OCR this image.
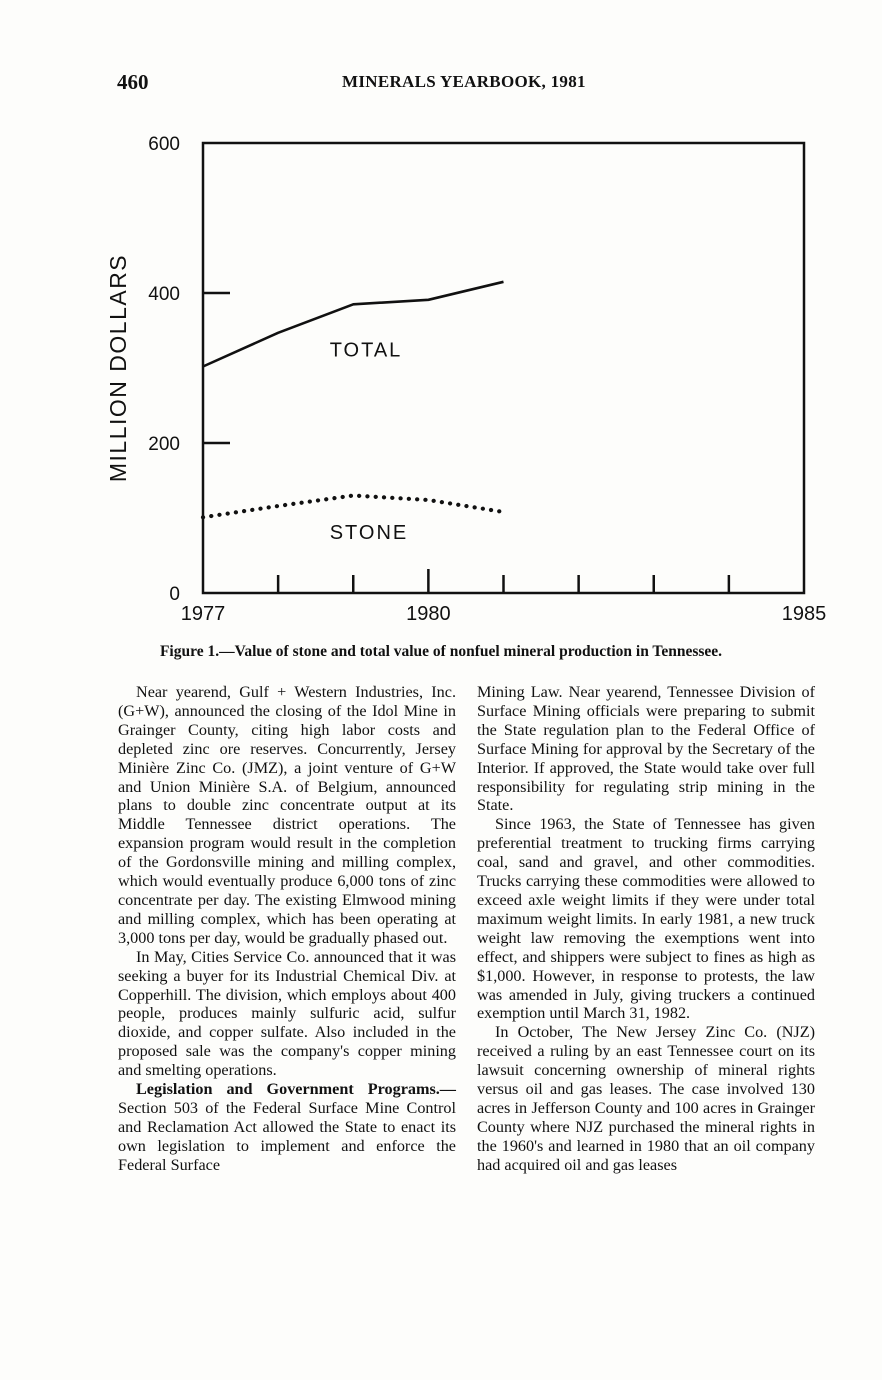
460	MINERALS YEARBOOK, 1981
0
200
400
600
1977	1980	1985
TOTAL
STONE
MILLION DOLLARS
Figure 1.—Value of stone and total value of nonfuel mineral production in Tennessee.

Near yearend, Gulf + Western Industries, Inc. (G+W), announced the closing of the Idol Mine in Grainger County, citing high labor costs and depleted zinc ore reserves. Concurrently, Jersey Minière Zinc Co. (JMZ), a joint venture of G+W and Union Minière S.A. of Belgium, announced plans to double zinc concentrate output at its Middle Tennessee district operations. The expansion program would result in the completion of the Gordonsville mining and milling complex, which would eventually produce 6,000 tons of zinc concentrate per day. The existing Elmwood mining and milling complex, which has been operating at 3,000 tons per day, would be gradually phased out.

In May, Cities Service Co. announced that it was seeking a buyer for its Industrial Chemical Div. at Copperhill. The division, which employs about 400 people, produces mainly sulfuric acid, sulfur dioxide, and copper sulfate. Also included in the proposed sale was the company's copper mining and smelting operations.

Legislation and Government Programs.—Section 503 of the Federal Surface Mine Control and Reclamation Act allowed the State to enact its own legislation to implement and enforce the Federal Surface

Mining Law. Near yearend, Tennessee Division of Surface Mining officials were preparing to submit the State regulation plan to the Federal Office of Surface Mining for approval by the Secretary of the Interior. If approved, the State would take over full responsibility for regulating strip mining in the State.

Since 1963, the State of Tennessee has given preferential treatment to trucking firms carrying coal, sand and gravel, and other commodities. Trucks carrying these commodities were allowed to exceed axle weight limits if they were under total maximum weight limits. In early 1981, a new truck weight law removing the exemptions went into effect, and shippers were subject to fines as high as $1,000. However, in response to protests, the law was amended in July, giving truckers a continued exemption until March 31, 1982.

In October, The New Jersey Zinc Co. (NJZ) received a ruling by an east Tennessee court on its lawsuit concerning ownership of mineral rights versus oil and gas leases. The case involved 130 acres in Jefferson County and 100 acres in Grainger County where NJZ purchased the mineral rights in the 1960's and learned in 1980 that an oil company had acquired oil and gas leases
